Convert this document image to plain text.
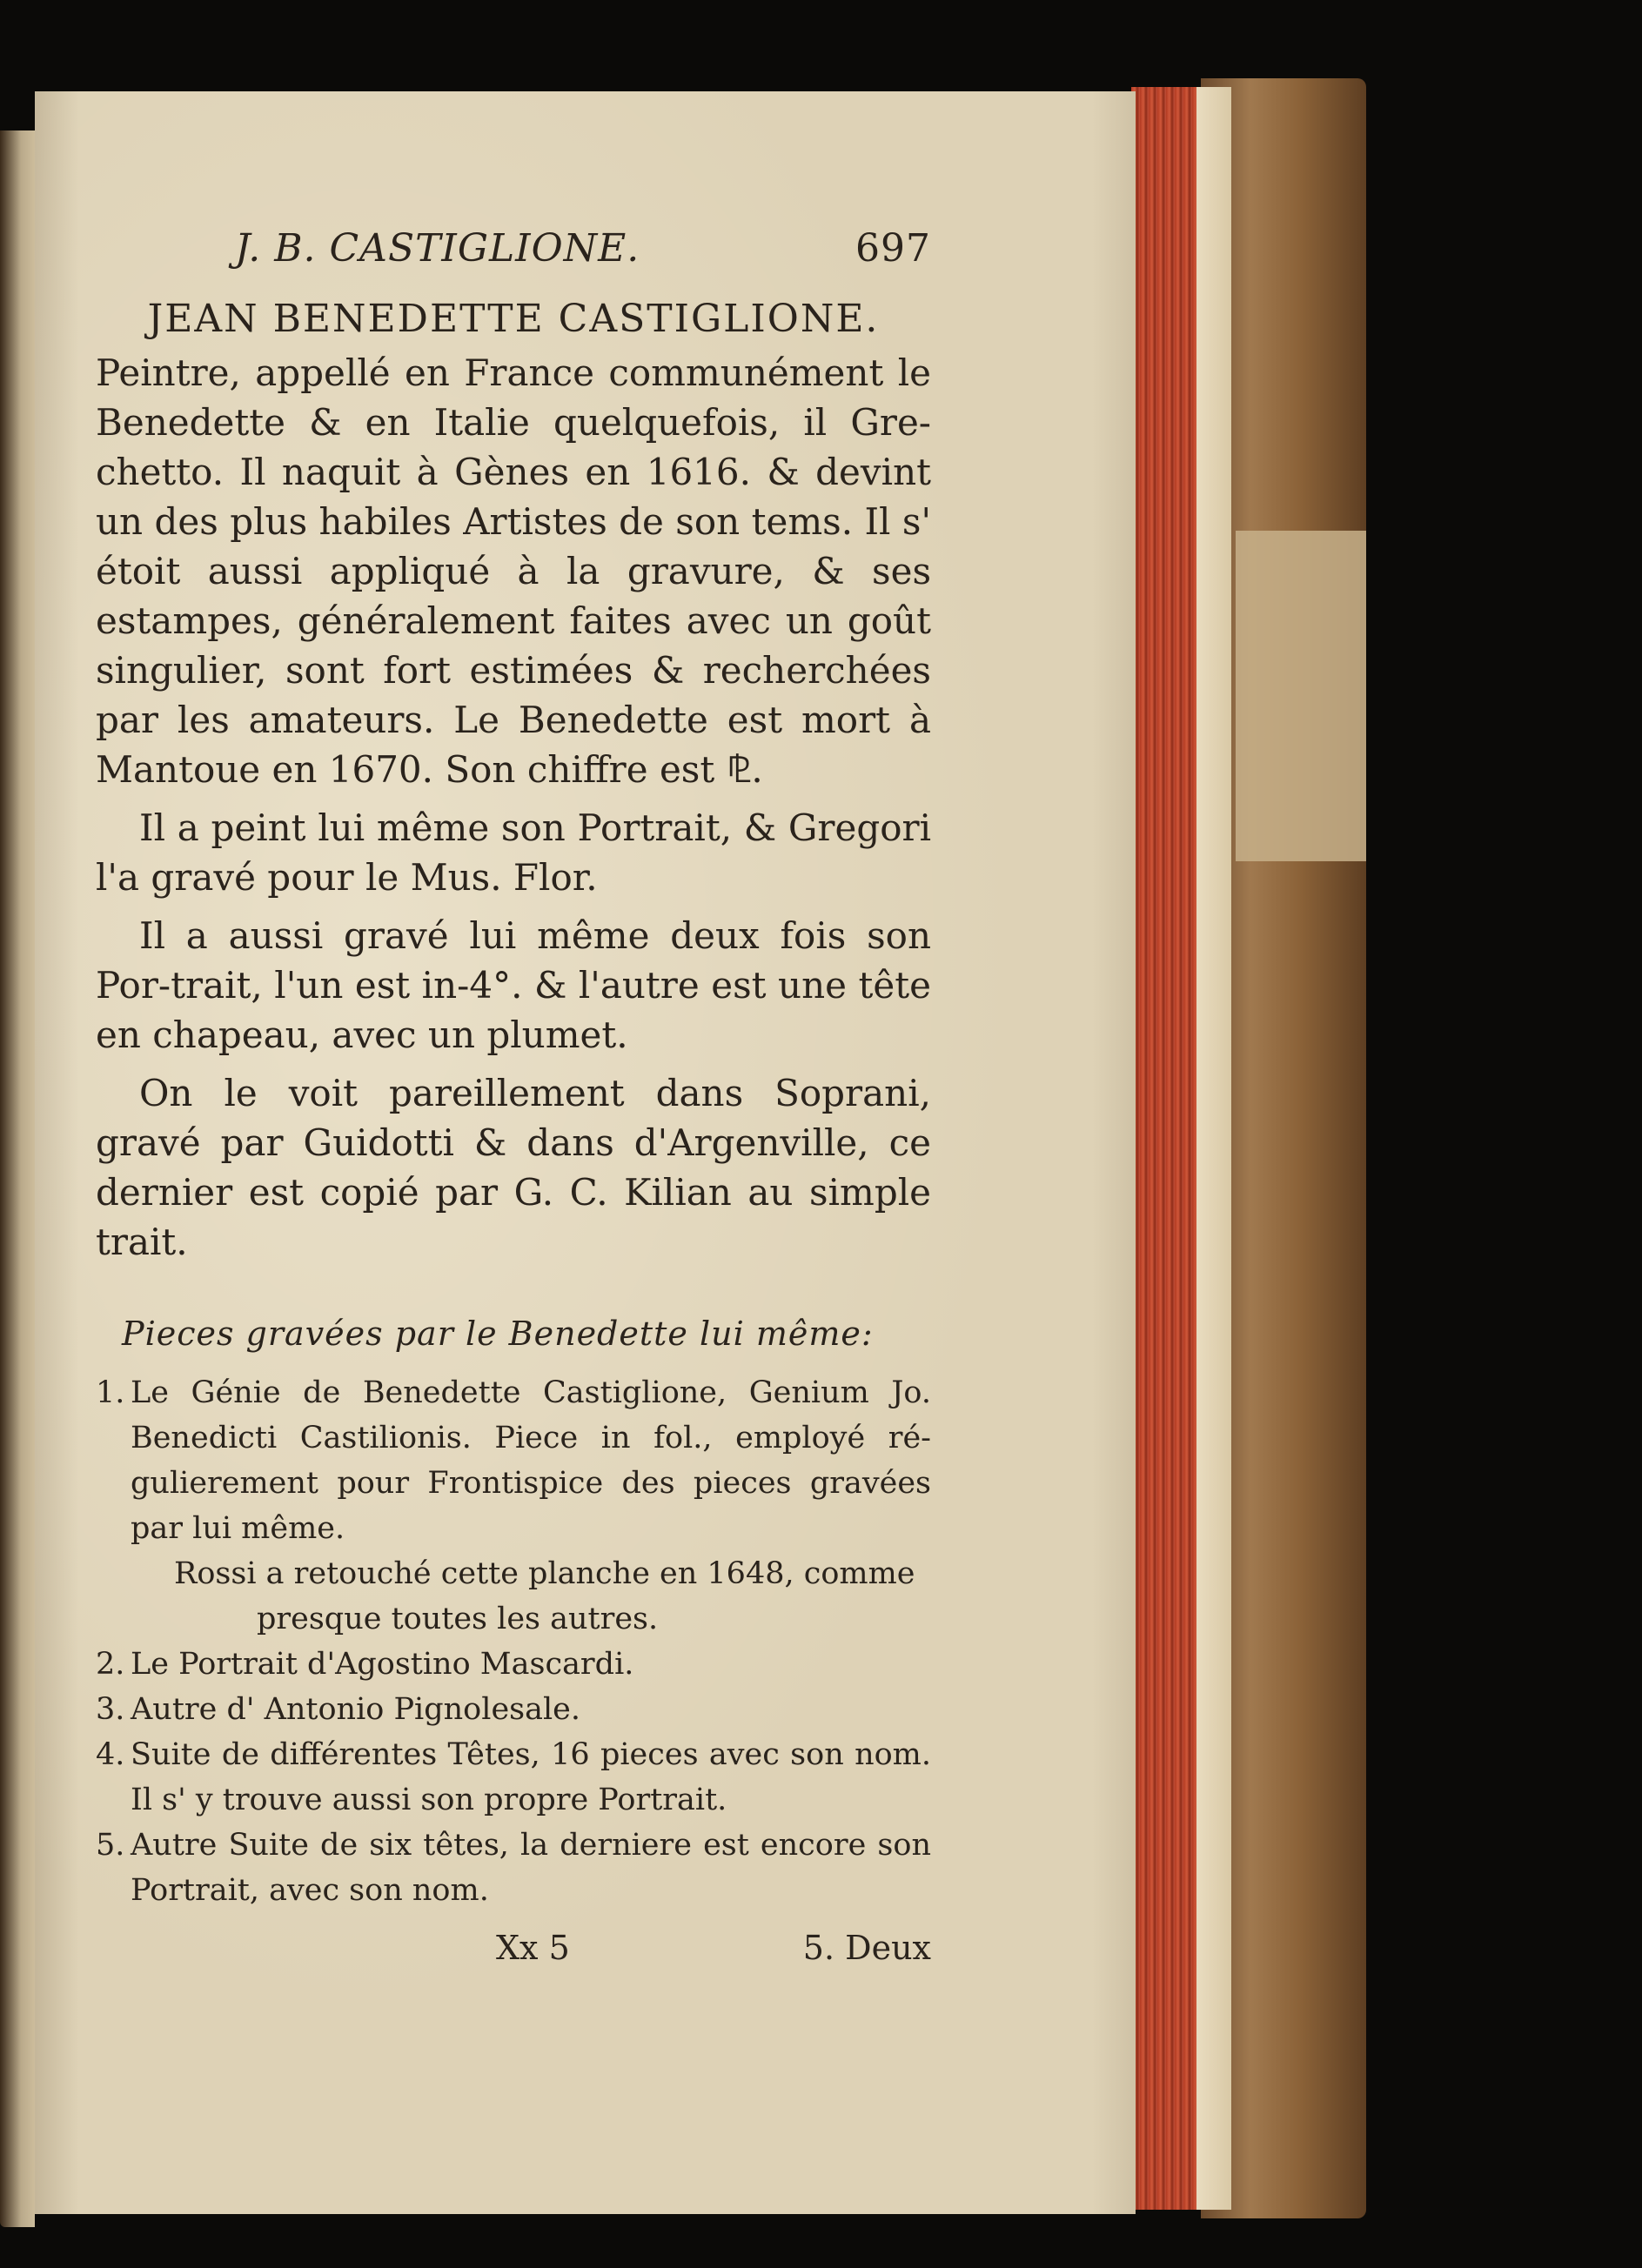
J. B. CASTIGLIONE.	697
JEAN BENEDETTE CASTIGLIONE.

Peintre, appellé en France communément le Benedette & en Italie quelquefois, il Gre-chetto. Il naquit à Gènes en 1616. & devint un des plus habiles Artistes de son tems. Il s' étoit aussi appliqué à la gravure, & ses estampes, généralement faites avec un goût singulier, sont fort estimées & recherchées par les amateurs. Le Benedette est mort à Mantoue en 1670. Son chiffre est ⅊.

Il a peint lui même son Portrait, & Gregori l'a gravé pour le Mus. Flor.

Il a aussi gravé lui même deux fois son Por-trait, l'un est in-4°. & l'autre est une tête en chapeau, avec un plumet.

On le voit pareillement dans Soprani, gravé par Guidotti & dans d'Argenville, ce dernier est copié par G. C. Kilian au simple trait.

Pieces gravées par le Benedette lui même:
1. Le Génie de Benedette Castiglione, Genium Jo. Benedicti Castilionis. Piece in fol., employé ré-gulierement pour Frontispice des pieces gravées par lui même.
Rossi a retouché cette planche en 1648, comme
presque toutes les autres.
2. Le Portrait d'Agostino Mascardi.
3. Autre d' Antonio Pignolesale.
4. Suite de différentes Têtes, 16 pieces avec son nom. Il s' y trouve aussi son propre Portrait.
5. Autre Suite de six têtes, la derniere est encore son Portrait, avec son nom.
Xx 5	5. Deux
